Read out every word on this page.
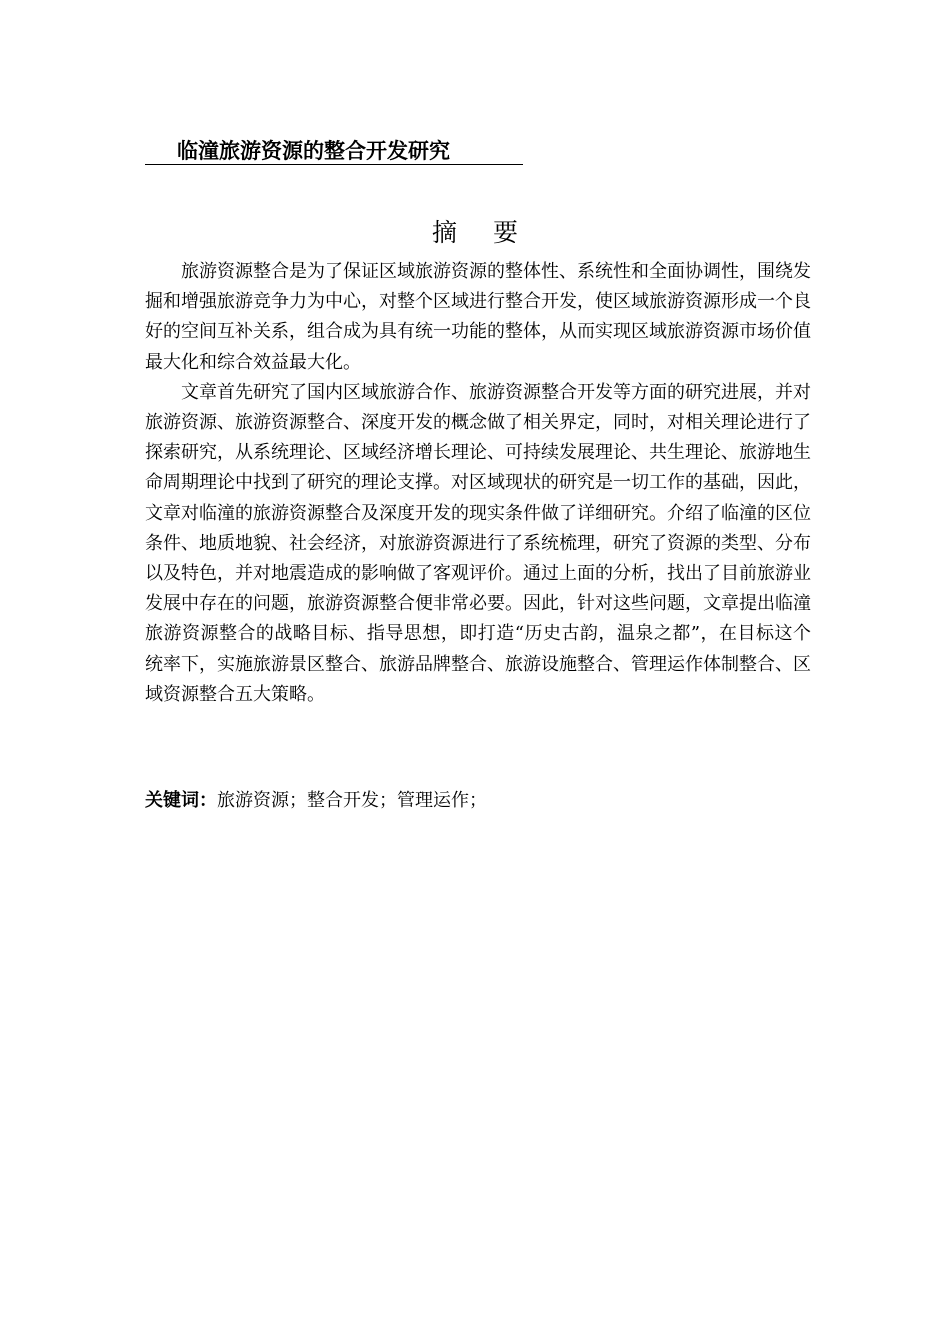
临潼旅游资源的整合开发研究
摘 要

旅游资源整合是为了保证区域旅游资源的整体性、系统性和全面协调性，围绕发掘和增强旅游竞争力为中心，对整个区域进行整合开发，使区域旅游资源形成一个良好的空间互补关系，组合成为具有统一功能的整体，从而实现区域旅游资源市场价值最大化和综合效益最大化。

文章首先研究了国内区域旅游合作、旅游资源整合开发等方面的研究进展，并对旅游资源、旅游资源整合、深度开发的概念做了相关界定，同时，对相关理论进行了探索研究，从系统理论、区域经济增长理论、可持续发展理论、共生理论、旅游地生命周期理论中找到了研究的理论支撑。对区域现状的研究是一切工作的基础，因此，文章对临潼的旅游资源整合及深度开发的现实条件做了详细研究。介绍了临潼的区位条件、地质地貌、社会经济，对旅游资源进行了系统梳理，研究了资源的类型、分布以及特色，并对地震造成的影响做了客观评价。通过上面的分析，找出了目前旅游业发展中存在的问题，旅游资源整合便非常必要。因此，针对这些问题，文章提出临潼旅游资源整合的战略目标、指导思想，即打造“历史古韵，温泉之都”，在目标这个统率下，实施旅游景区整合、旅游品牌整合、旅游设施整合、管理运作体制整合、区域资源整合五大策略。

关键词：旅游资源；整合开发；管理运作；
